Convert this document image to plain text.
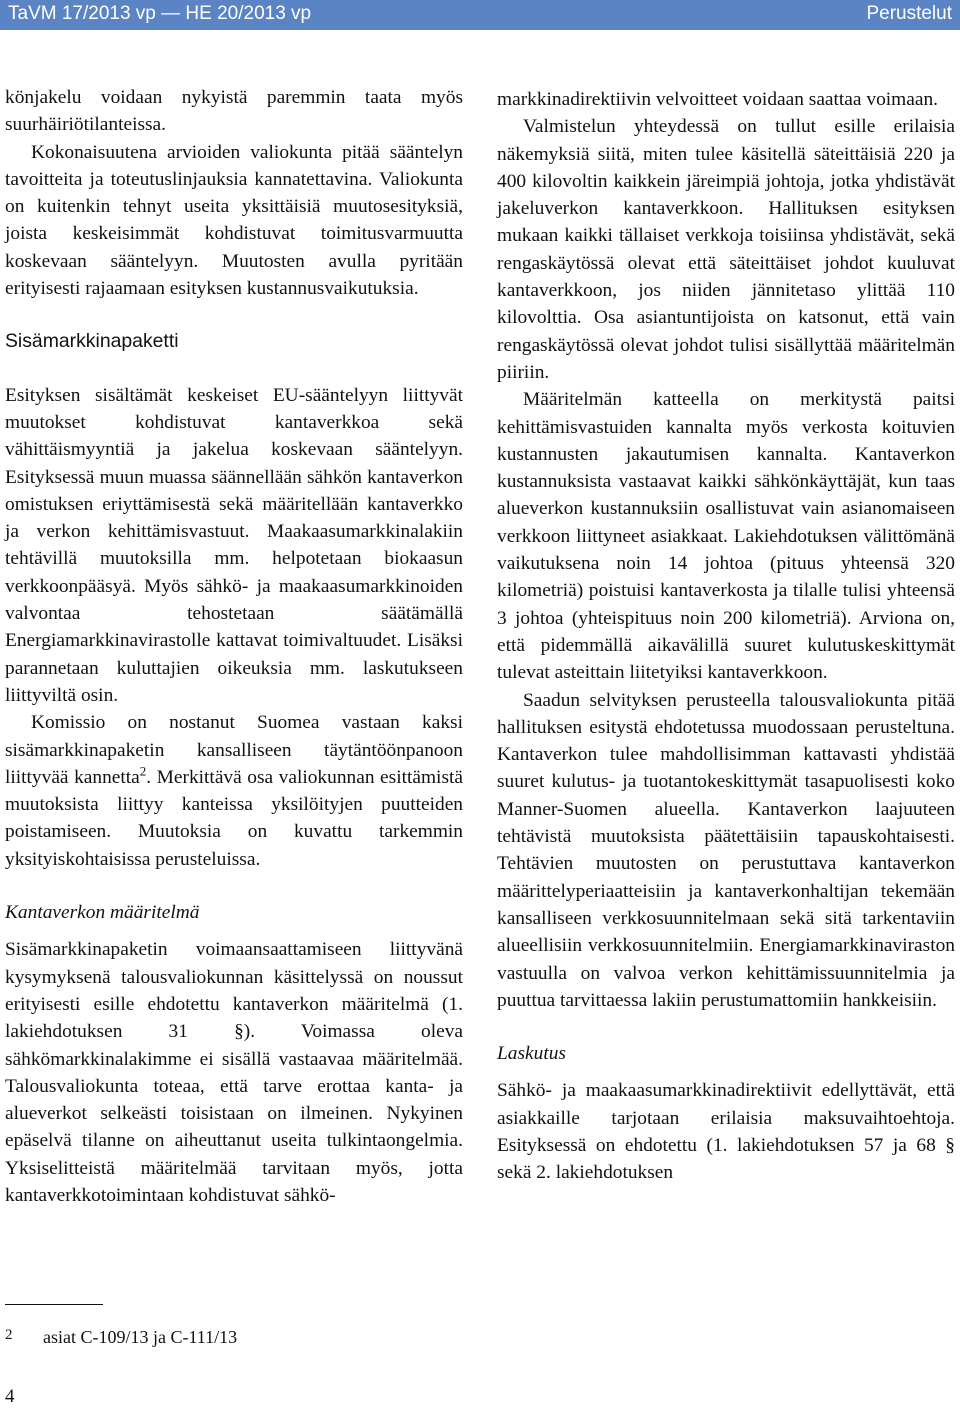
TaVM 17/2013 vp — HE 20/2013 vp	Perustelut

könjakelu voidaan nykyistä paremmin taata myös suurhäiriötilanteissa.

Kokonaisuutena arvioiden valiokunta pitää sääntelyn tavoitteita ja toteutuslinjauksia kannatettavina. Valiokunta on kuitenkin tehnyt useita yksittäisiä muutosesityksiä, joista keskeisimmät kohdistuvat toimitusvarmuutta koskevaan sääntelyyn. Muutosten avulla pyritään erityisesti rajaamaan esityksen kustannusvaikutuksia.

Sisämarkkinapaketti

Esityksen sisältämät keskeiset EU-sääntelyyn liittyvät muutokset kohdistuvat kantaverkkoa sekä vähittäismyyntiä ja jakelua koskevaan sääntelyyn. Esityksessä muun muassa säännellään sähkön kantaverkon omistuksen eriyttämisestä sekä määritellään kantaverkko ja verkon kehittämisvastuut. Maakaasumarkkinalakiin tehtävillä muutoksilla mm. helpotetaan biokaasun verkkoonpääsyä. Myös sähkö- ja maakaasumarkkinoiden valvontaa tehostetaan säätämällä Energiamarkkinavirastolle kattavat toimivaltuudet. Lisäksi parannetaan kuluttajien oikeuksia mm. laskutukseen liittyviltä osin.

Komissio on nostanut Suomea vastaan kaksi sisämarkkinapaketin kansalliseen täytäntöönpanoon liittyvää kannetta$^2$. Merkittävä osa valiokunnan esittämistä muutoksista liittyy kanteissa yksilöityjen puutteiden poistamiseen. Muutoksia on kuvattu tarkemmin yksityiskohtaisissa perusteluissa.

Kantaverkon määritelmä

Sisämarkkinapaketin voimaansaattamiseen liittyvänä kysymyksenä talousvaliokunnan käsittelyssä on noussut erityisesti esille ehdotettu kantaverkon määritelmä (1. lakiehdotuksen 31 §). Voimassa oleva sähkömarkkinalakimme ei sisällä vastaavaa määritelmää. Talousvaliokunta toteaa, että tarve erottaa kanta- ja alueverkot selkeästi toisistaan on ilmeinen. Nykyinen epäselvä tilanne on aiheuttanut useita tulkintaongelmia. Yksiselitteistä määritelmää tarvitaan myös, jotta kantaverkkotoimintaan kohdistuvat sähkö-

markkinadirektiivin velvoitteet voidaan saattaa voimaan.

Valmistelun yhteydessä on tullut esille erilaisia näkemyksiä siitä, miten tulee käsitellä säteittäisiä 220 ja 400 kilovoltin kaikkein järeimpiä johtoja, jotka yhdistävät jakeluverkon kantaverkkoon. Hallituksen esityksen mukaan kaikki tällaiset verkkoja toisiinsa yhdistävät, sekä rengaskäytössä olevat että säteittäiset johdot kuuluvat kantaverkkoon, jos niiden jännitetaso ylittää 110 kilovolttia. Osa asiantuntijoista on katsonut, että vain rengaskäytössä olevat johdot tulisi sisällyttää määritelmän piiriin.

Määritelmän katteella on merkitystä paitsi kehittämisvastuiden kannalta myös verkosta koituvien kustannusten jakautumisen kannalta. Kantaverkon kustannuksista vastaavat kaikki sähkönkäyttäjät, kun taas alueverkon kustannuksiin osallistuvat vain asianomaiseen verkkoon liittyneet asiakkaat. Lakiehdotuksen välittömänä vaikutuksena noin 14 johtoa (pituus yhteensä 320 kilometriä) poistuisi kantaverkosta ja tilalle tulisi yhteensä 3 johtoa (yhteispituus noin 200 kilometriä). Arviona on, että pidemmällä aikavälillä suuret kulutuskeskittymät tulevat asteittain liitetyiksi kantaverkkoon.

Saadun selvityksen perusteella talousvaliokunta pitää hallituksen esitystä ehdotetussa muodossaan perusteltuna. Kantaverkon tulee mahdollisimman kattavasti yhdistää suuret kulutus- ja tuotantokeskittymät tasapuolisesti koko Manner-Suomen alueella. Kantaverkon laajuuteen tehtävistä muutoksista päätettäisiin tapauskohtaisesti. Tehtävien muutosten on perustuttava kantaverkon määrittelyperiaatteisiin ja kantaverkonhaltijan tekemään kansalliseen verkkosuunnitelmaan sekä sitä tarkentaviin alueellisiin verkkosuunnitelmiin. Energiamarkkinaviraston vastuulla on valvoa verkon kehittämissuunnitelmia ja puuttua tarvittaessa lakiin perustumattomiin hankkeisiin.

Laskutus

Sähkö- ja maakaasumarkkinadirektiivit edellyttävät, että asiakkaille tarjotaan erilaisia maksuvaihtoehtoja. Esityksessä on ehdotettu (1. lakiehdotuksen 57 ja 68 § sekä 2. lakiehdotuksen

2 asiat C-109/13 ja C-111/13
4
